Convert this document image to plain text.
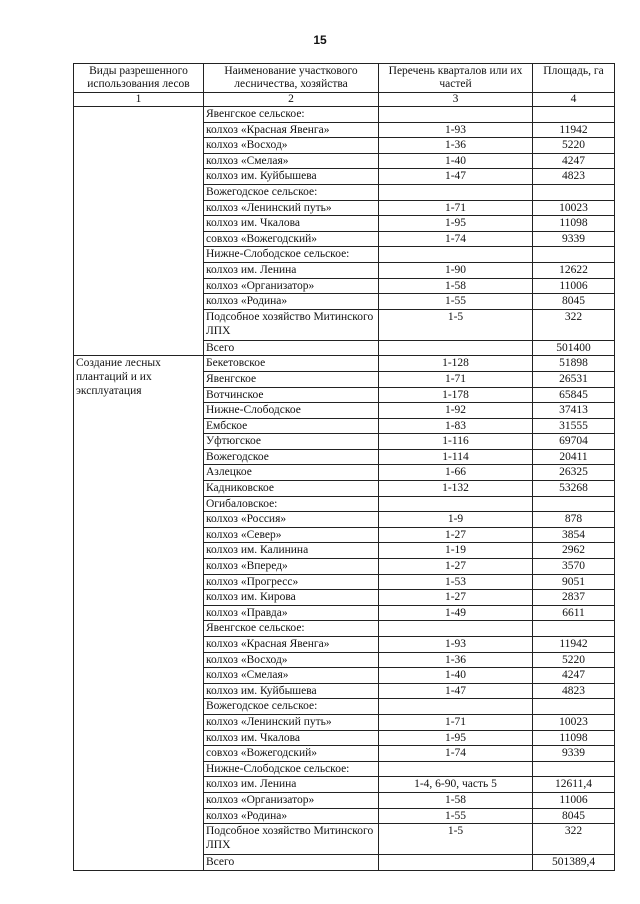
15
Виды разрешенного использования лесов	Наименование участкового лесничества, хозяйства	Перечень кварталов или их частей	Площадь, га
1	2	3	4
	Явенгское сельское:		
	колхоз «Красная Явенга»	1-93	11942
	колхоз «Восход»	1-36	5220
	колхоз «Смелая»	1-40	4247
	колхоз им. Куйбышева	1-47	4823
	Вожегодское сельское:		
	колхоз «Ленинский путь»	1-71	10023
	колхоз им. Чкалова	1-95	11098
	совхоз «Вожегодский»	1-74	9339
	Нижне-Слободское сельское:		
	колхоз им. Ленина	1-90	12622
	колхоз «Организатор»	1-58	11006
	колхоз «Родина»	1-55	8045
	Подсобное хозяйство Митинского ЛПХ	1-5	322
	Всего		501400
Создание лесных плантаций и их эксплуатация	Бекетовское	1-128	51898
	Явенгское	1-71	26531
	Вотчинское	1-178	65845
	Нижне-Слободское	1-92	37413
	Ембское	1-83	31555
	Уфтюгское	1-116	69704
	Вожегодское	1-114	20411
	Азлецкое	1-66	26325
	Кадниковское	1-132	53268
	Огибаловское:		
	колхоз «Россия»	1-9	878
	колхоз «Север»	1-27	3854
	колхоз им. Калинина	1-19	2962
	колхоз «Вперед»	1-27	3570
	колхоз «Прогресс»	1-53	9051
	колхоз им. Кирова	1-27	2837
	колхоз «Правда»	1-49	6611
	Явенгское сельское:		
	колхоз «Красная Явенга»	1-93	11942
	колхоз «Восход»	1-36	5220
	колхоз «Смелая»	1-40	4247
	колхоз им. Куйбышева	1-47	4823
	Вожегодское сельское:		
	колхоз «Ленинский путь»	1-71	10023
	колхоз им. Чкалова	1-95	11098
	совхоз «Вожегодский»	1-74	9339
	Нижне-Слободское сельское:		
	колхоз им. Ленина	1-4, 6-90, часть 5	12611,4
	колхоз «Организатор»	1-58	11006
	колхоз «Родина»	1-55	8045
	Подсобное хозяйство Митинского ЛПХ	1-5	322
	Всего		501389,4
